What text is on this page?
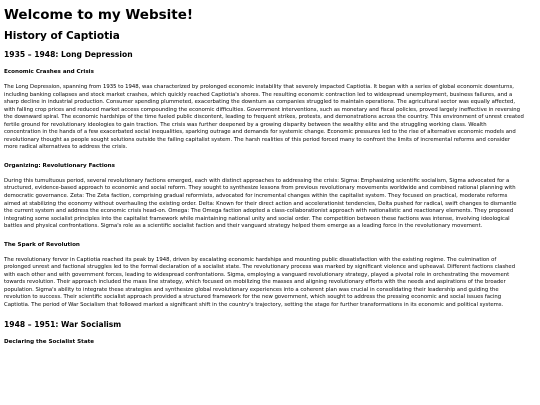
Welcome to my Website!
History of Captiotia
1935 – 1948: Long Depression
Economic Crashes and Crisis

The Long Depression, spanning from 1935 to 1948, was characterized by prolonged economic instability that severely impacted Captiotia. It began with a series of global economic downturns, including banking collapses and stock market crashes, which quickly reached Captiotia's shores. The resulting economic contraction led to widespread unemployment, business failures, and a sharp decline in industrial production. Consumer spending plummeted, exacerbating the downturn as companies struggled to maintain operations. The agricultural sector was equally affected, with falling crop prices and reduced market access compounding the economic difficulties. Government interventions, such as monetary and fiscal policies, proved largely ineffective in reversing the downward spiral. The economic hardships of the time fueled public discontent, leading to frequent strikes, protests, and demonstrations across the country. This environment of unrest created fertile ground for revolutionary ideologies to gain traction. The crisis was further deepened by a growing disparity between the wealthy elite and the struggling working class. Wealth concentration in the hands of a few exacerbated social inequalities, sparking outrage and demands for systemic change. Economic pressures led to the rise of alternative economic models and revolutionary thought as people sought solutions outside the failing capitalist system. The harsh realities of this period forced many to confront the limits of incremental reforms and consider more radical alternatives to address the crisis.

Organizing: Revolutionary Factions

During this tumultuous period, several revolutionary factions emerged, each with distinct approaches to addressing the crisis: Sigma: Emphasizing scientific socialism, Sigma advocated for a structured, evidence-based approach to economic and social reform. They sought to synthesize lessons from previous revolutionary movements worldwide and combined rational planning with democratic governance. Zeta: The Zeta faction, comprising gradual reformists, advocated for incremental changes within the capitalist system. They focused on practical, moderate reforms aimed at stabilizing the economy without overhauling the existing order. Delta: Known for their direct action and accelerationist tendencies, Delta pushed for radical, swift changes to dismantle the current system and address the economic crisis head-on. Omega: The Omega faction adopted a class-collaborationist approach with nationalistic and reactionary elements. They proposed integrating some socialist principles into the capitalist framework while maintaining national unity and social order. The competition between these factions was intense, involving ideological battles and physical confrontations. Sigma's role as a scientific socialist faction and their vanguard strategy helped them emerge as a leading force in the revolutionary movement.

The Spark of Revolution

The revolutionary fervor in Captiotia reached its peak by 1948, driven by escalating economic hardships and mounting public dissatisfaction with the existing regime. The culmination of prolonged unrest and factional struggles led to the formal declaration of a socialist state. The revolutionary process was marked by significant violence and upheaval. Different factions clashed with each other and with government forces, leading to widespread confrontations. Sigma, employing a vanguard revolutionary strategy, played a pivotal role in orchestrating the movement towards revolution. Their approach included the mass line strategy, which focused on mobilizing the masses and aligning revolutionary efforts with the needs and aspirations of the broader population. Sigma's ability to integrate these strategies and synthesize global revolutionary experiences into a coherent plan was crucial in consolidating their leadership and guiding the revolution to success. Their scientific socialist approach provided a structured framework for the new government, which sought to address the pressing economic and social issues facing Captiotia. The period of War Socialism that followed marked a significant shift in the country's trajectory, setting the stage for further transformations in its economic and political systems.

1948 – 1951: War Socialism
Declaring the Socialist State
